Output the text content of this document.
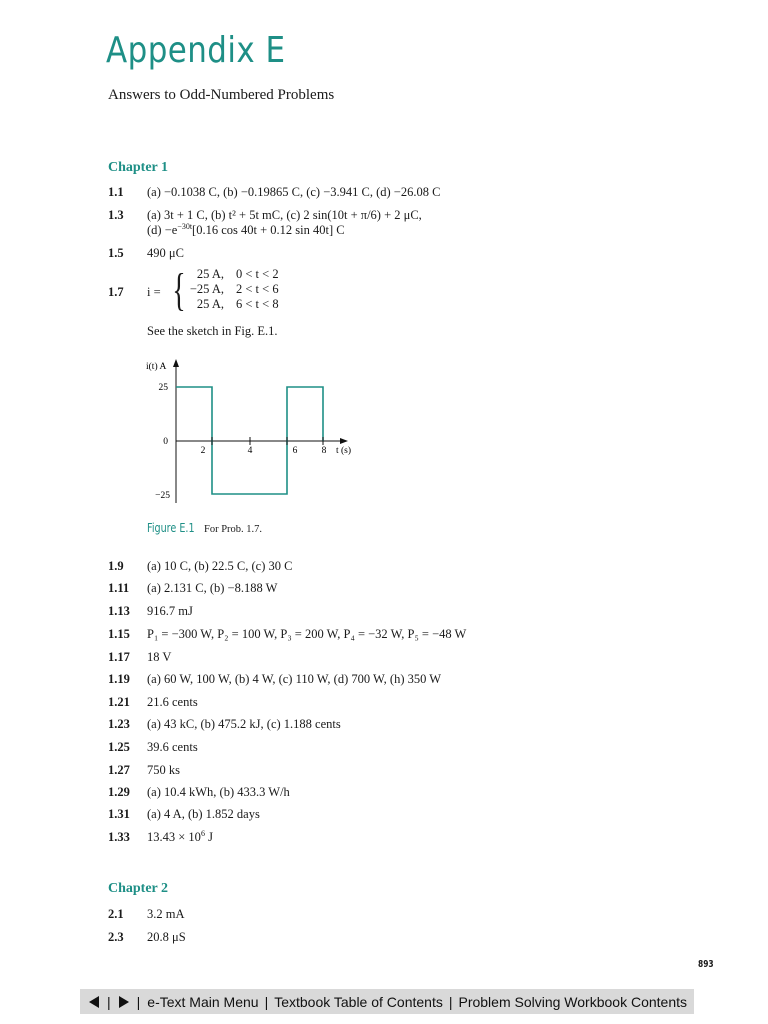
Appendix E
Answers to Odd-Numbered Problems
Chapter 1
1.1 (a) −0.1038 C, (b) −0.19865 C, (c) −3.941 C, (d) −26.08 C
1.3 (a) 3t + 1 C, (b) t² + 5t mC, (c) 2 sin(10t + π/6) + 2 μC,
$(d) -e^{-30t}[0.16$ cos 40t + 0.12 sin 40t] C
1.5 490 μC
1.7 i = { 25 A, 0 < t < 2
−25 A, 2 < t < 6
25 A, 6 < t < 8
See the sketch in Fig. E.1.
i(t) A
25
0
−25
2	4	6	8 t (s)
Figure E.1 For Prob. 1.7.
1.9 (a) 10 C, (b) 22.5 C, (c) 30 C
1.11 (a) 2.131 C, (b) −8.188 W
1.13 916.7 mJ
1.15 P₁ = −300 W, P₂ = 100 W, P₃ = 200 W, P₄ = −32 W, P₅ = −48 W
1.17 18 V
1.19 (a) 60 W, 100 W, (b) 4 W, (c) 110 W, (d) 700 W, (h) 350 W
1.21 21.6 cents
1.23 (a) 43 kC, (b) 475.2 kJ, (c) 1.188 cents
1.25 39.6 cents
1.27 750 ks
1.29 (a) 10.4 kWh, (b) 433.3 W/h
1.31 (a) 4 A, (b) 1.852 days
1.33 $13.43 \times 10^6$ J
Chapter 2
2.1 3.2 mA
2.3 20.8 μS
893
| | e-Text Main Menu | Textbook Table of Contents | Problem Solving Workbook Contents
